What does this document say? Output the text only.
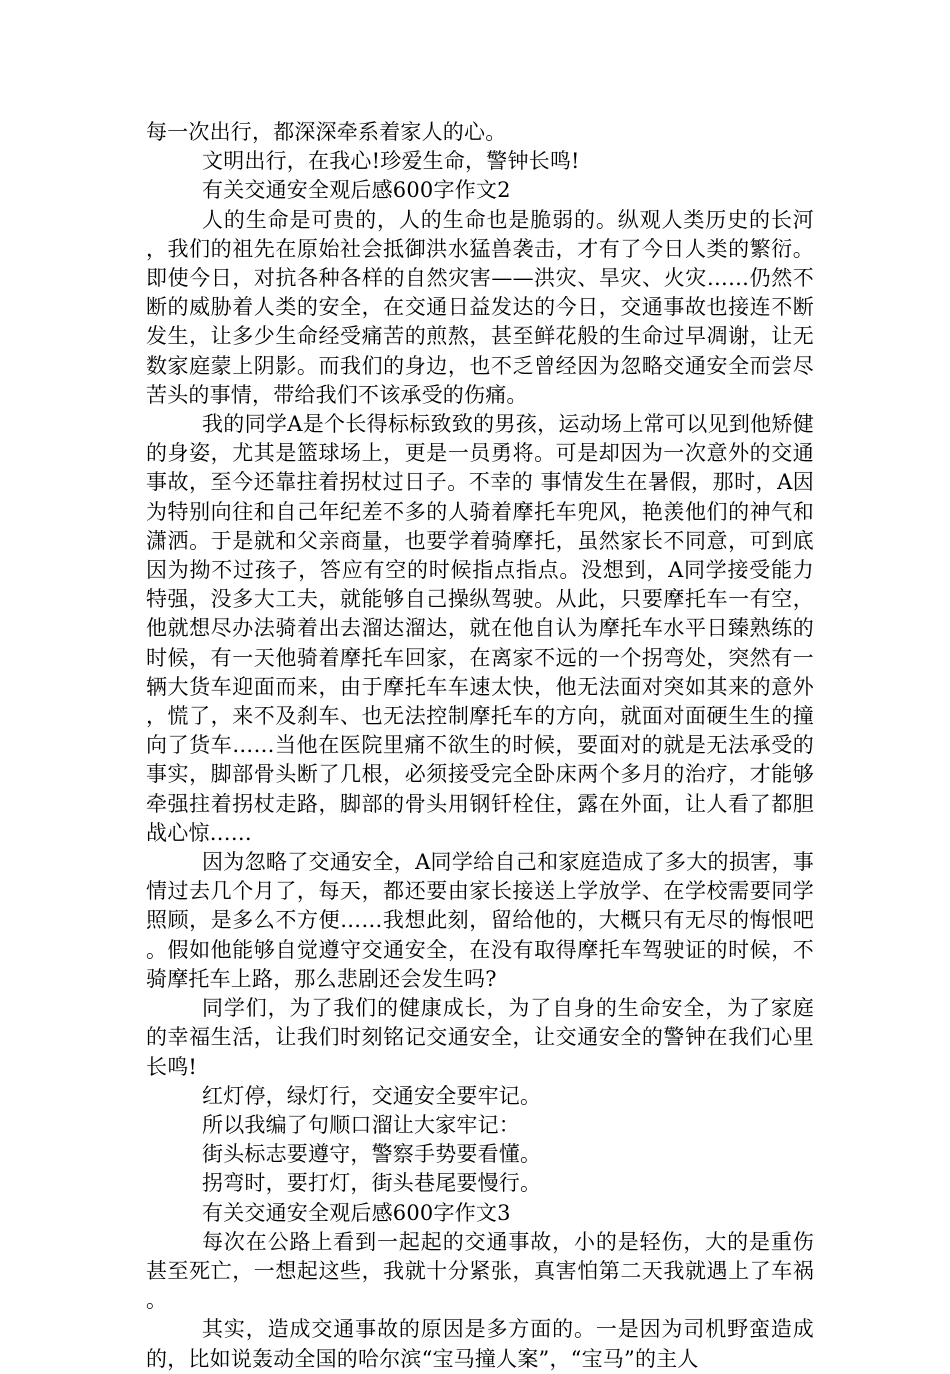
每一次出行，都深深牵系着家人的心。

文明出行，在我心!珍爱生命，警钟长鸣!

有关交通安全观后感600字作文2

人的生命是可贵的，人的生命也是脆弱的。纵观人类历史的长河，我们的祖先在原始社会抵御洪水猛兽袭击，才有了今日人类的繁衍。即使今日，对抗各种各样的自然灾害——洪灾、旱灾、火灾……仍然不断的威胁着人类的安全，在交通日益发达的今日，交通事故也接连不断发生，让多少生命经受痛苦的煎熬，甚至鲜花般的生命过早凋谢，让无数家庭蒙上阴影。而我们的身边，也不乏曾经因为忽略交通安全而尝尽苦头的事情，带给我们不该承受的伤痛。

我的同学A是个长得标标致致的男孩，运动场上常可以见到他矫健的身姿，尤其是篮球场上，更是一员勇将。可是却因为一次意外的交通事故，至今还靠拄着拐杖过日子。不幸的 事情发生在暑假，那时，A因为特别向往和自己年纪差不多的人骑着摩托车兜风，艳羡他们的神气和潇洒。于是就和父亲商量，也要学着骑摩托，虽然家长不同意，可到底因为拗不过孩子，答应有空的时候指点指点。没想到，A同学接受能力特强，没多大工夫，就能够自己操纵驾驶。从此，只要摩托车一有空，他就想尽办法骑着出去溜达溜达，就在他自认为摩托车水平日臻熟练的时候，有一天他骑着摩托车回家，在离家不远的一个拐弯处，突然有一辆大货车迎面而来，由于摩托车车速太快，他无法面对突如其来的意外，慌了，来不及刹车、也无法控制摩托车的方向，就面对面硬生生的撞向了货车……当他在医院里痛不欲生的时候，要面对的就是无法承受的事实，脚部骨头断了几根，必须接受完全卧床两个多月的治疗，才能够牵强拄着拐杖走路，脚部的骨头用钢钎栓住，露在外面，让人看了都胆战心惊……

因为忽略了交通安全，A同学给自己和家庭造成了多大的损害，事情过去几个月了，每天，都还要由家长接送上学放学、在学校需要同学照顾，是多么不方便……我想此刻，留给他的，大概只有无尽的悔恨吧。假如他能够自觉遵守交通安全，在没有取得摩托车驾驶证的时候，不骑摩托车上路，那么悲剧还会发生吗?

同学们，为了我们的健康成长，为了自身的生命安全，为了家庭的幸福生活，让我们时刻铭记交通安全，让交通安全的警钟在我们心里长鸣!

红灯停，绿灯行，交通安全要牢记。

所以我编了句顺口溜让大家牢记：

街头标志要遵守，警察手势要看懂。

拐弯时，要打灯，街头巷尾要慢行。

有关交通安全观后感600字作文3

每次在公路上看到一起起的交通事故，小的是轻伤，大的是重伤甚至死亡，一想起这些，我就十分紧张，真害怕第二天我就遇上了车祸。

其实，造成交通事故的原因是多方面的。一是因为司机野蛮造成的，比如说轰动全国的哈尔滨“宝马撞人案”，“宝马”的主人
